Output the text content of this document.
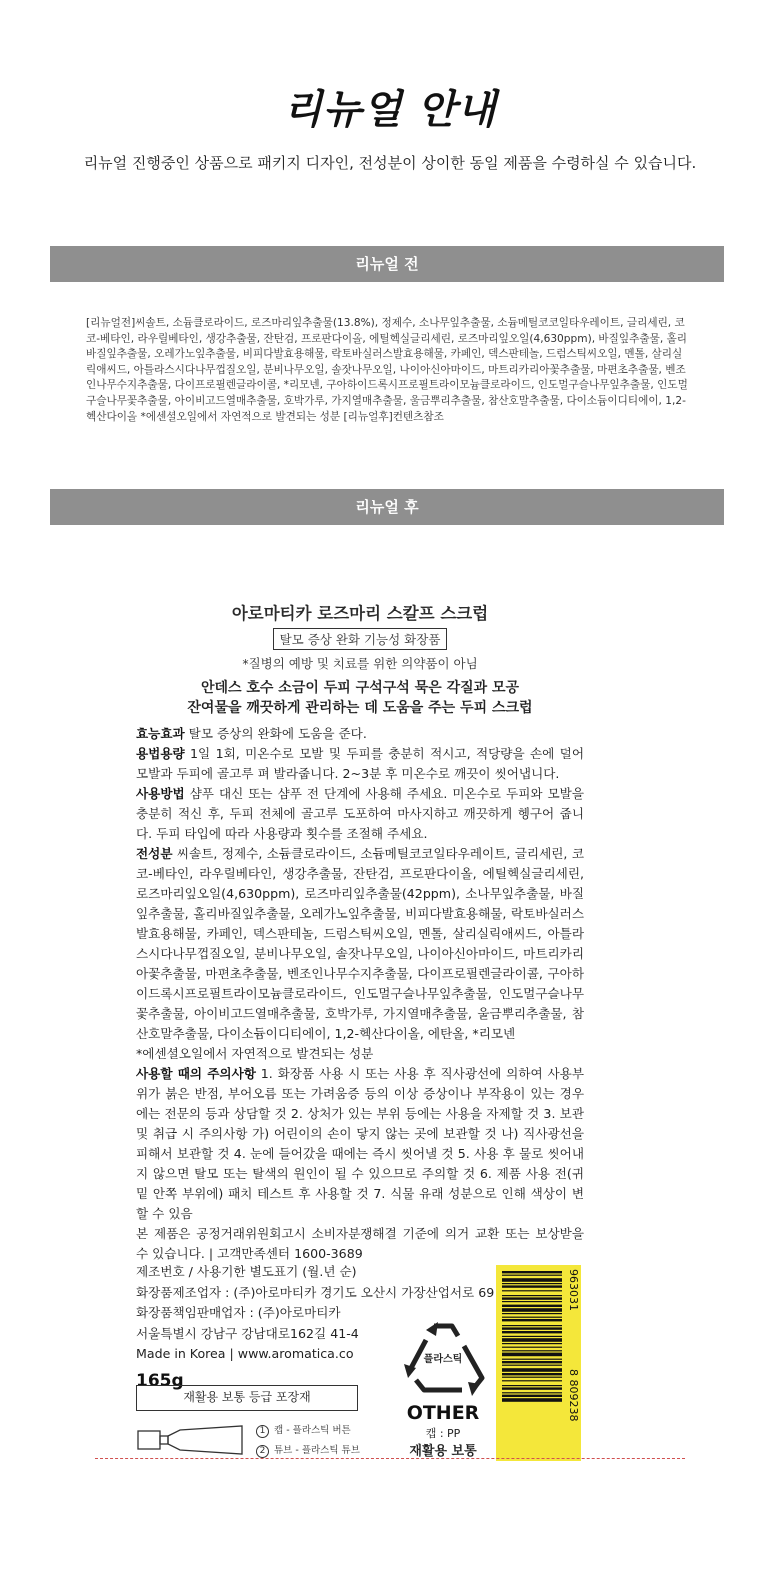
리뉴얼 안내
리뉴얼 진행중인 상품으로 패키지 디자인, 전성분이 상이한 동일 제품을 수령하실 수 있습니다.
리뉴얼 전
[리뉴얼전]씨솔트, 소듐클로라이드, 로즈마리잎추출물(13.8%), 정제수, 소나무잎추출물, 소듐메틸코코일타우레이트, 글리세린, 코코-베타인, 라우릴베타인, 생강추출물, 잔탄검, 프로판다이올, 에틸헥실글리세린, 로즈마리잎오일(4,630ppm), 바질잎추출물, 홀리바질잎추출물, 오레가노잎추출물, 비피다발효용해물, 락토바실러스발효용해물, 카페인, 덱스판테놀, 드럼스틱씨오일, 멘톨, 살리실릭애씨드, 아틀라스시다나무껍질오일, 분비나무오일, 솔잣나무오일, 나이아신아마이드, 마트리카리아꽃추출물, 마편초추출물, 벤조인나무수지추출물, 다이프로필렌글라이콜, *리모넨, 구아하이드록시프로필트라이모늄클로라이드, 인도멀구슬나무잎추출물, 인도멀구슬나무꽃추출물, 아이비고드열매추출물, 호박가루, 가지열매추출물, 울금뿌리추출물, 참산호말추출물, 다이소듐이디티에이, 1,2-헥산다이올 *에센셜오일에서 자연적으로 발견되는 성분 [리뉴얼후]컨텐츠참조
리뉴얼 후
아로마티카 로즈마리 스칼프 스크럽
탈모 증상 완화 기능성 화장품
*질병의 예방 및 치료를 위한 의약품이 아님
안데스 호수 소금이 두피 구석구석 묵은 각질과 모공
잔여물을 깨끗하게 관리하는 데 도움을 주는 두피 스크럽
효능효과 탈모 증상의 완화에 도움을 준다.
용법용량 1일 1회, 미온수로 모발 및 두피를 충분히 적시고, 적당량을 손에 덜어 모발과 두피에 골고루 펴 발라줍니다. 2~3분 후 미온수로 깨끗이 씻어냅니다.
사용방법 샴푸 대신 또는 샴푸 전 단계에 사용해 주세요. 미온수로 두피와 모발을 충분히 적신 후, 두피 전체에 골고루 도포하여 마사지하고 깨끗하게 헹구어 줍니다. 두피 타입에 따라 사용량과 횟수를 조절해 주세요.
전성분 씨솔트, 정제수, 소듐클로라이드, 소듐메틸코코일타우레이트, 글리세린, 코코-베타인, 라우릴베타인, 생강추출물, 잔탄검, 프로판다이올, 에틸헥실글리세린, 로즈마리잎오일(4,630ppm), 로즈마리잎추출물(42ppm), 소나무잎추출물, 바질잎추출물, 홀리바질잎추출물, 오레가노잎추출물, 비피다발효용해물, 락토바실러스발효용해물, 카페인, 덱스판테놀, 드럼스틱씨오일, 멘톨, 살리실릭애씨드, 아틀라스시다나무껍질오일, 분비나무오일, 솔잣나무오일, 나이아신아마이드, 마트리카리아꽃추출물, 마편초추출물, 벤조인나무수지추출물, 다이프로필렌글라이콜, 구아하이드록시프로필트라이모늄클로라이드, 인도멀구슬나무잎추출물, 인도멀구슬나무꽃추출물, 아이비고드열매추출물, 호박가루, 가지열매추출물, 울금뿌리추출물, 참산호말추출물, 다이소듐이디티에이, 1,2-헥산다이올, 에탄올, *리모넨
*에센셜오일에서 자연적으로 발견되는 성분
사용할 때의 주의사항 1. 화장품 사용 시 또는 사용 후 직사광선에 의하여 사용부위가 붉은 반점, 부어오름 또는 가려움증 등의 이상 증상이나 부작용이 있는 경우에는 전문의 등과 상담할 것 2. 상처가 있는 부위 등에는 사용을 자제할 것 3. 보관 및 취급 시 주의사항 가) 어린이의 손이 닿지 않는 곳에 보관할 것 나) 직사광선을 피해서 보관할 것 4. 눈에 들어갔을 때에는 즉시 씻어낼 것 5. 사용 후 물로 씻어내지 않으면 탈모 또는 탈색의 원인이 될 수 있으므로 주의할 것 6. 제품 사용 전(귀 밑 안쪽 부위에) 패치 테스트 후 사용할 것 7. 식물 유래 성분으로 인해 색상이 변할 수 있음
본 제품은 공정거래위원회고시 소비자분쟁해결 기준에 의거 교환 또는 보상받을 수 있습니다. | 고객만족센터 1600-3689
제조번호 / 사용기한 별도표기 (월.년 순)
화장품제조업자 : (주)아로마티카 경기도 오산시 가장산업서로 69
화장품책임판매업자 : (주)아로마티카
서울특별시 강남구 강남대로162길 41-4
Made in Korea | www.aromatica.co
165g
재활용 보통 등급 포장재
1 캡 - 플라스틱 버튼
2 튜브 - 플라스틱 튜브
플라스틱
OTHER
캡 : PP
재활용 보통
963031
8 809238
